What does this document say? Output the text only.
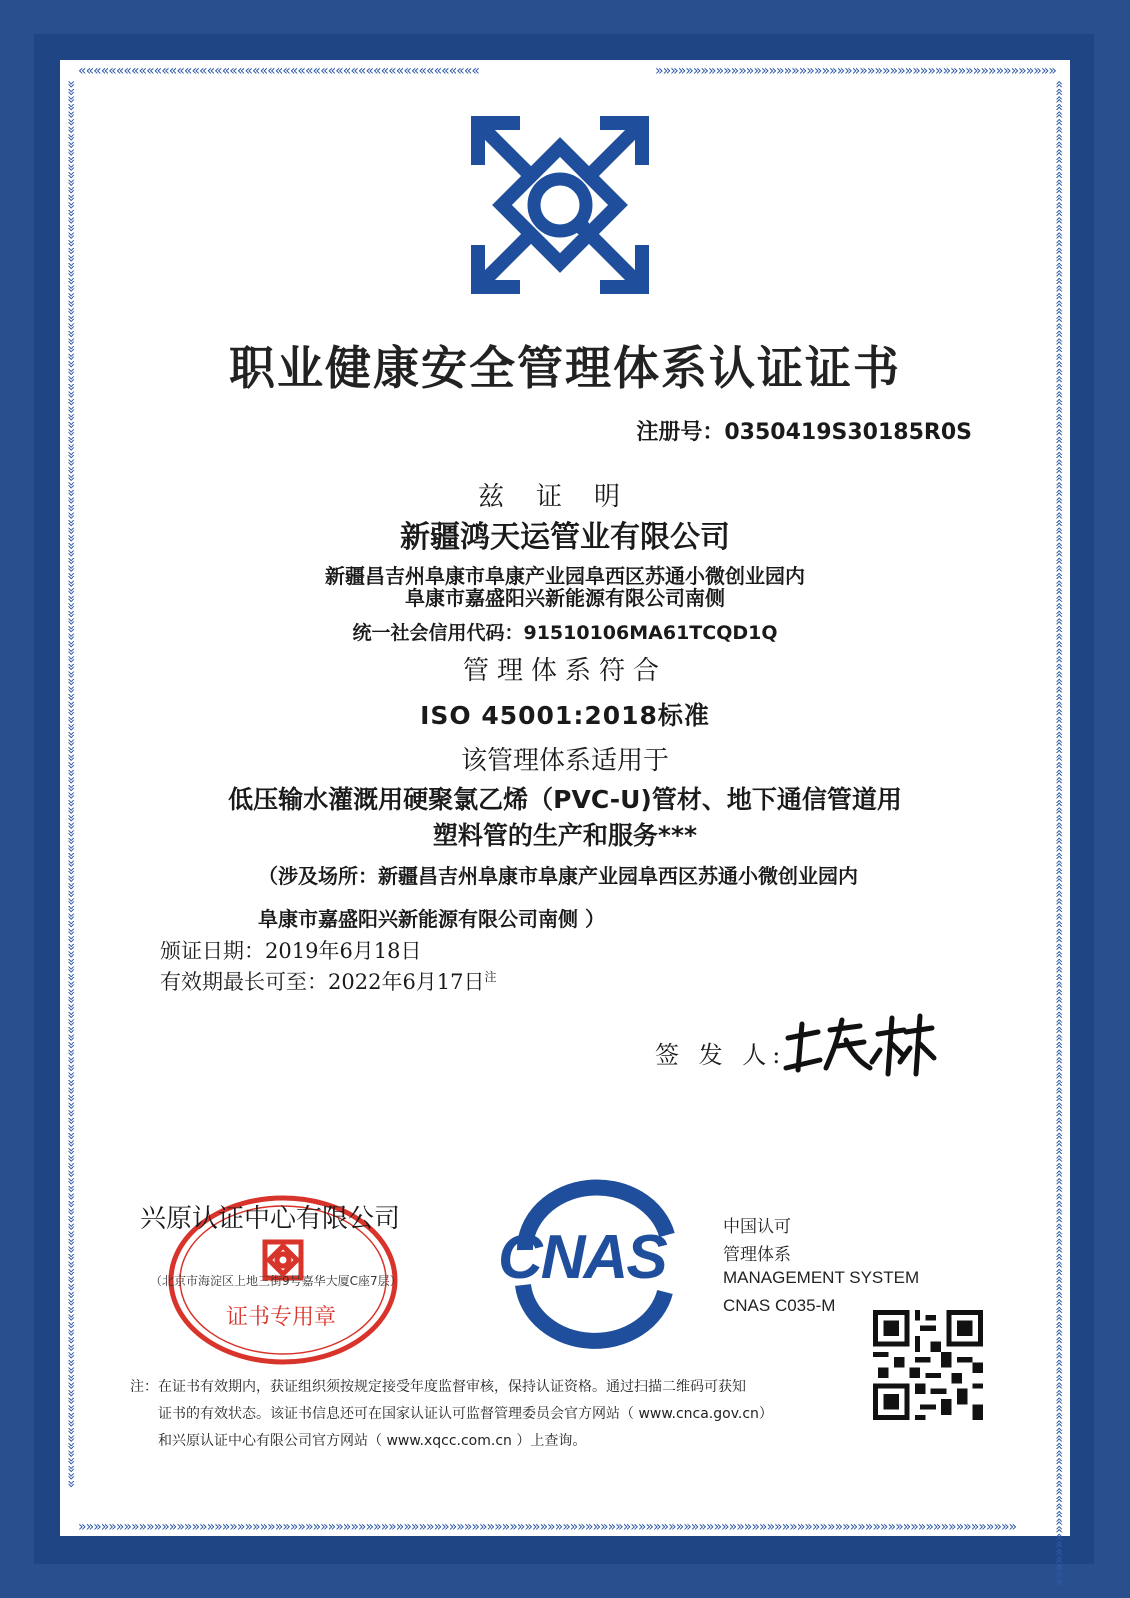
«««««««««««««««««««««««««««««««««««««««««««««««««««««	»»»»»»»»»»»»»»»»»»»»»»»»»»»»»»»»»»»»»»»»»»»»»»»»»»»»»
»»»»»»»»»»»»»»»»»»»»»»»»»»»»»»»»»»»»»»»»»»»»»»»»»»»»»»»»»»»»»»»»»»»»»»»»»»»»»»»»»»»»»»»»»»»»»»»»»»»»»»»»»»»»»»»»»»»»»»»»»»»»
»»»»»»»»»»»»»»»»»»»»»»»»»»»»»»»»»»»»»»»»»»»»»»»»»»»»»»»»»»»»»»»»»»»»»»»»»»»»»»»»»»»»»»»»»»»»»»»»»»»»»»»»»»»»»»»»»»»»»»»»»»»»»»»»»»»»»»»»»»»»»»»»»»»»»»»»»»»»»»»»»»»»»»»»»»»»»»»»»»»»»»»»»»	«««««««««««««««««««««««««««««««««««««««««««««««««««««««««««««««««««««««««««««««««««««««««««««««««««««««««««««««««««««««««««««««««««««««««««««««««««««««««««««««««««««««««««««««««««««««««««««««««««««««
职业健康安全管理体系认证证书
注册号：0350419S30185R0S
兹证明
新疆鸿天运管业有限公司
新疆昌吉州阜康市阜康产业园阜西区苏通小微创业园内
阜康市嘉盛阳兴新能源有限公司南侧
统一社会信用代码：91510106MA61TCQD1Q
管理体系符合
ISO 45001:2018标准
该管理体系适用于
低压输水灌溉用硬聚氯乙烯（PVC-U)管材、地下通信管道用
塑料管的生产和服务***
（涉及场所：新疆昌吉州阜康市阜康产业园阜西区苏通小微创业园内
阜康市嘉盛阳兴新能源有限公司南侧 ）
颁证日期：2019年6月18日
有效期最长可至：2022年6月17日$^注$
签 发 人:
兴原认证中心有限公司
（北京市海淀区上地三街9号嘉华大厦C座7层）
证书专用章
CNAS	中国认可
管理体系
MANAGEMENT SYSTEM
CNAS C035-M
注：在证书有效期内，获证组织须按规定接受年度监督审核，保持认证资格。通过扫描二维码可获知
证书的有效状态。该证书信息还可在国家认证认可监督管理委员会官方网站（ www.cnca.gov.cn）
和兴原认证中心有限公司官方网站（ www.xqcc.com.cn ）上查询。
